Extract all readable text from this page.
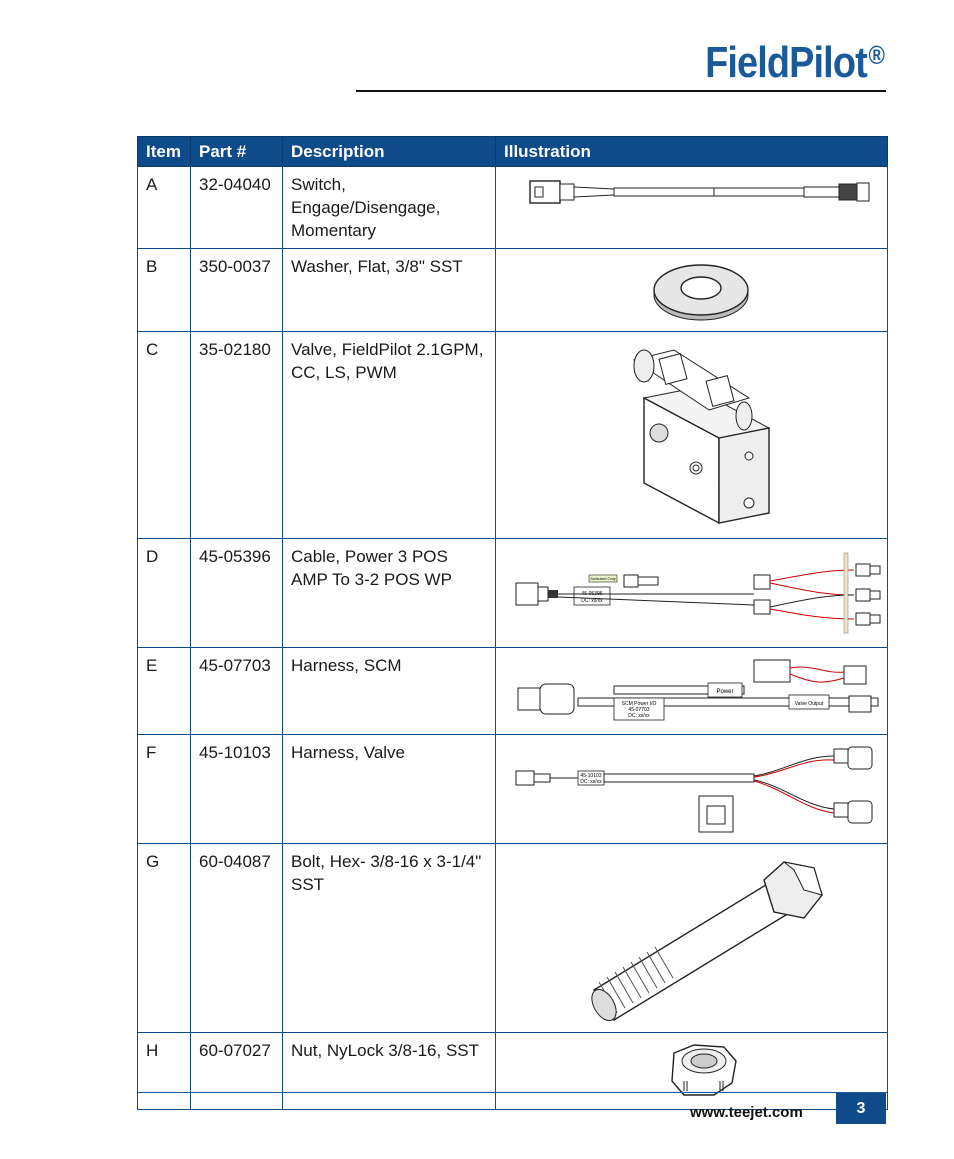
FieldPilot®
Item	Part #	Description	Illustration
A	32-04040	Switch, Engage/Disengage, Momentary	

B	350-0037	Washer, Flat, 3/8" SST	

C	35-02180	Valve, FieldPilot 2.1GPM, CC, LS, PWM	

D	45-05396	Cable, Power 3 POS AMP To 3-2 POS WP	45-05396
DC: xx/xx
Switched Only

E	45-07703	Harness, SCM	SCM Power I/O
45-07703
DC: xx/xx
Power
Valve Output

F	45-10103	Harness, Valve	45-10103
DC: xx/xx

G	60-04087	Bolt, Hex- 3/8-16 x 3-1/4" SST	

H	60-07027	Nut, NyLock 3/8-16, SST	
www.teejet.com	3
